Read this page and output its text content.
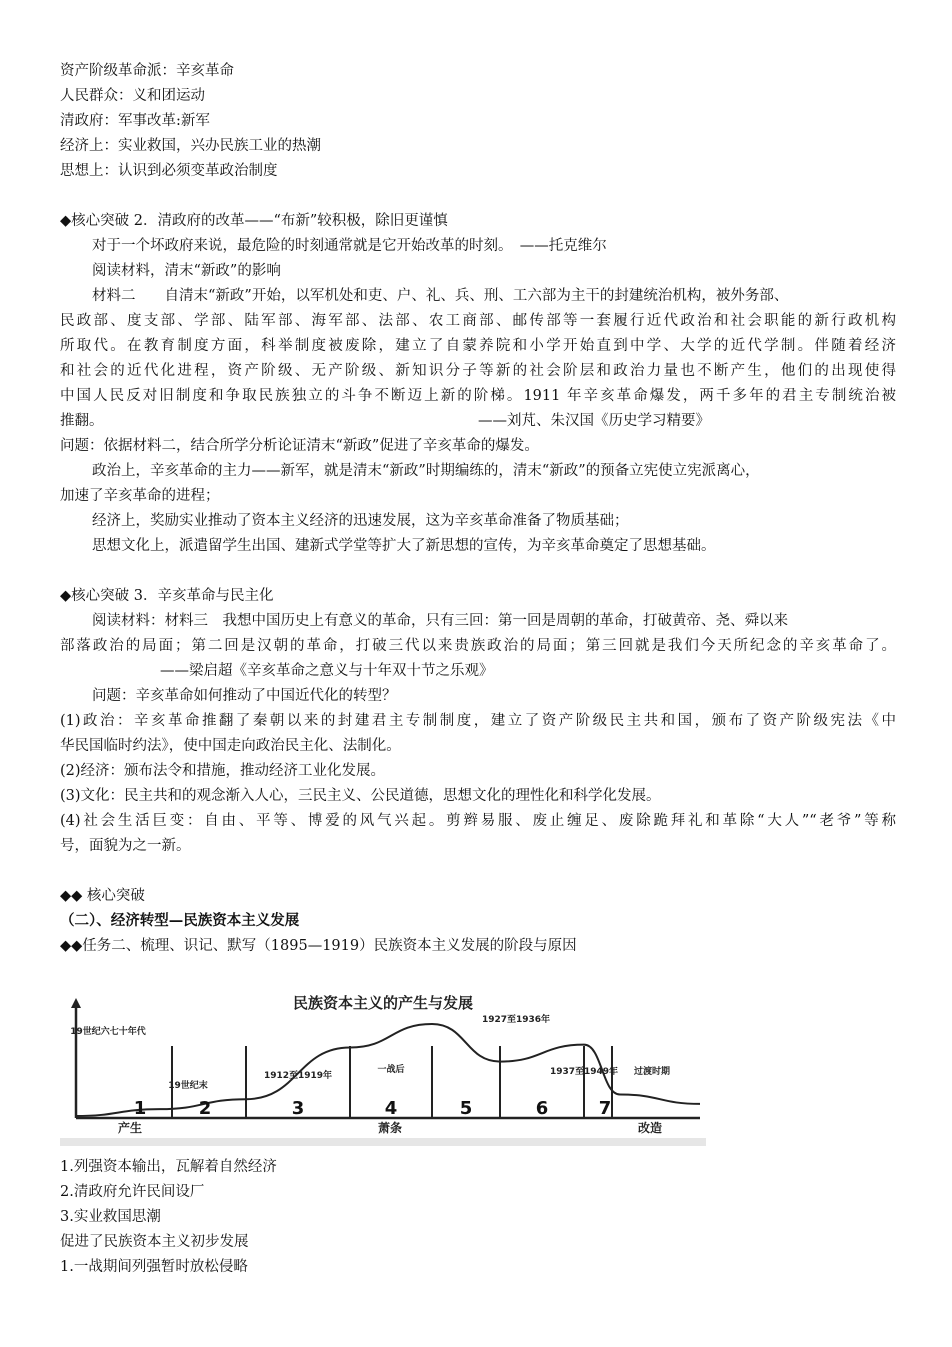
资产阶级革命派：辛亥革命
人民群众：义和团运动
清政府：军事改革:新军
经济上：实业救国，兴办民族工业的热潮
思想上：认识到必须变革政治制度
◆核心突破 2．清政府的改革——“布新”较积极，除旧更谨慎
对于一个坏政府来说，最危险的时刻通常就是它开始改革的时刻。　——托克维尔
阅读材料，清末“新政”的影响
材料二　　自清末“新政”开始，以军机处和吏、户、礼、兵、刑、工六部为主干的封建统治机构，被外务部、
民政部、度支部、学部、陆军部、海军部、法部、农工商部、邮传部等一套履行近代政治和社会职能的新行政机构
所取代。在教育制度方面，科举制度被废除，建立了自蒙养院和小学开始直到中学、大学的近代学制。伴随着经济
和社会的近代化进程，资产阶级、无产阶级、新知识分子等新的社会阶层和政治力量也不断产生，他们的出现使得
中国人民反对旧制度和争取民族独立的斗争不断迈上新的阶梯。1911 年辛亥革命爆发，两千多年的君主专制统治被
推翻。	——刘芃、朱汉国《历史学习精要》
问题：依据材料二，结合所学分析论证清末“新政”促进了辛亥革命的爆发。
政治上，辛亥革命的主力——新军，就是清末“新政”时期编练的，清末“新政”的预备立宪使立宪派离心，
加速了辛亥革命的进程；
经济上，奖励实业推动了资本主义经济的迅速发展，这为辛亥革命准备了物质基础；
思想文化上，派遣留学生出国、建新式学堂等扩大了新思想的宣传，为辛亥革命奠定了思想基础。
◆核心突破 3．辛亥革命与民主化
阅读材料：材料三　我想中国历史上有意义的革命，只有三回：第一回是周朝的革命，打破黄帝、尧、舜以来
部落政治的局面；第二回是汉朝的革命，打破三代以来贵族政治的局面；第三回就是我们今天所纪念的辛亥革命了。
——梁启超《辛亥革命之意义与十年双十节之乐观》
问题：辛亥革命如何推动了中国近代化的转型？
(1)政治：辛亥革命推翻了秦朝以来的封建君主专制制度，建立了资产阶级民主共和国，颁布了资产阶级宪法《中
华民国临时约法》，使中国走向政治民主化、法制化。
(2)经济：颁布法令和措施，推动经济工业化发展。
(3)文化：民主共和的观念渐入人心，三民主义、公民道德，思想文化的理性化和科学化发展。
(4)社会生活巨变：自由、平等、博爱的风气兴起。剪辫易服、废止缠足、废除跪拜礼和革除“大人”“老爷”等称
号，面貌为之一新。
◆◆ 核心突破
（二）、经济转型—民族资本主义发展
◆◆任务二、梳理、识记、默写（1895—1919）民族资本主义发展的阶段与原因
民族资本主义的产生与发展
1	2	3	4	5	6	7
19世纪六七十年代
19世纪末
1912至1919年
一战后
1927至1936年
1937至1949年 过渡时期
产生	萧条	改造
1.列强资本输出，瓦解着自然经济
2.清政府允许民间设厂
3.实业救国思潮
促进了民族资本主义初步发展
1.一战期间列强暂时放松侵略
